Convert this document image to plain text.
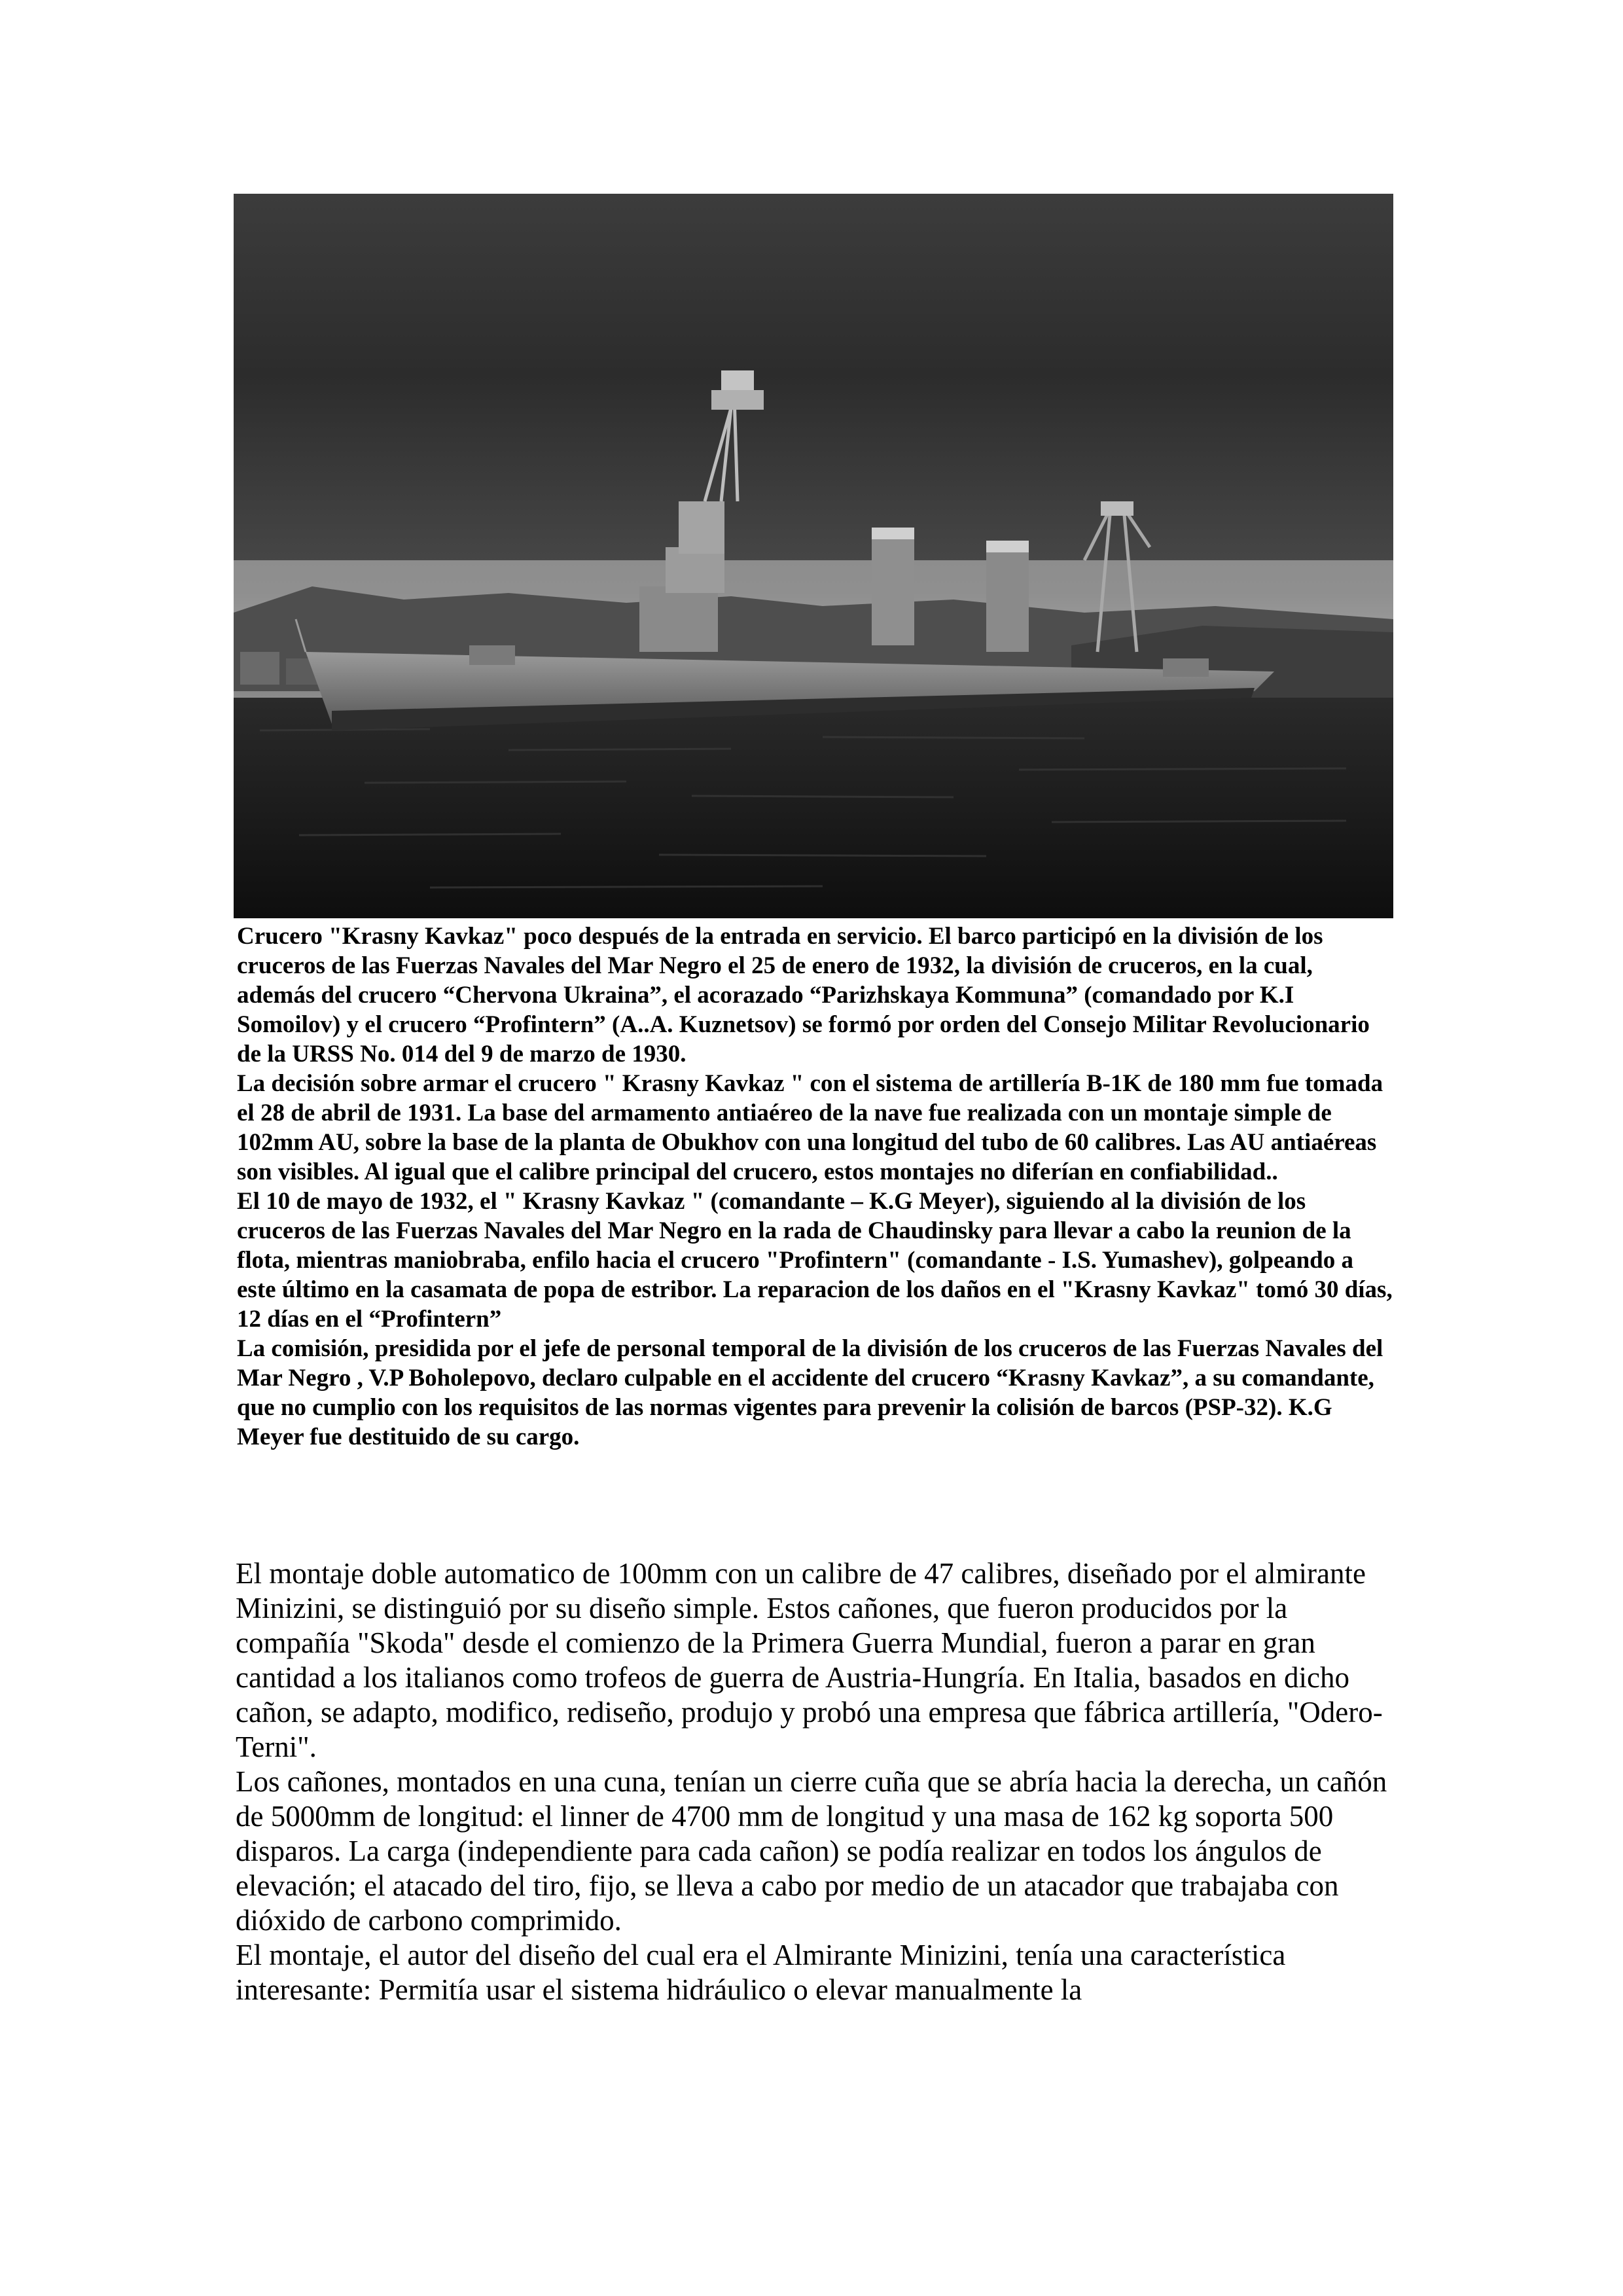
Crucero "Krasny Kavkaz" poco después de la entrada en servicio. El barco participó en la división de los cruceros de las Fuerzas Navales del Mar Negro el 25 de enero de 1932, la división de cruceros, en la cual, además del crucero “Chervona Ukraina”, el acorazado “Parizhskaya Kommuna” (comandado por K.I Somoilov) y el crucero “Profintern” (A..A. Kuznetsov) se formó por orden del Consejo Militar Revolucionario de la URSS No. 014 del 9 de marzo de 1930.

La decisión sobre armar el crucero " Krasny Kavkaz " con el sistema de artillería B-1K de 180 mm fue tomada el 28 de abril de 1931. La base del armamento antiaéreo de la nave fue realizada con un montaje simple de 102mm AU, sobre la base de la planta de Obukhov con una longitud del tubo de 60 calibres. Las AU antiaéreas son visibles. Al igual que el calibre principal del crucero, estos montajes no diferían en confiabilidad..

El 10 de mayo de 1932, el " Krasny Kavkaz " (comandante – K.G Meyer), siguiendo al la división de los cruceros de las Fuerzas Navales del Mar Negro en la rada de Chaudinsky para llevar a cabo la reunion de la flota, mientras maniobraba, enfilo hacia el crucero "Profintern" (comandante - I.S. Yumashev), golpeando a este último en la casamata de popa de estribor. La reparacion de los daños en el "Krasny Kavkaz" tomó 30 días, 12 días en el “Profintern”

La comisión, presidida por el jefe de personal temporal de la división de los cruceros de las Fuerzas Navales del Mar Negro , V.P Boholepovo, declaro culpable en el accidente del crucero “Krasny Kavkaz”, a su comandante, que no cumplio con los requisitos de las normas vigentes para prevenir la colisión de barcos (PSP-32). K.G Meyer fue destituido de su cargo.

El montaje doble automatico de 100mm con un calibre de 47 calibres, diseñado por el almirante Minizini, se distinguió por su diseño simple. Estos cañones, que fueron producidos por la compañía "Skoda" desde el comienzo de la Primera Guerra Mundial, fueron a parar en gran cantidad a los italianos como trofeos de guerra de Austria-Hungría. En Italia, basados en dicho cañon, se adapto, modifico, rediseño, produjo y probó una empresa que fábrica artillería, "Odero-Terni".

Los cañones, montados en una cuna, tenían un cierre cuña que se abría hacia la derecha, un cañón de 5000mm de longitud: el linner de 4700 mm de longitud y una masa de 162 kg soporta 500 disparos. La carga (independiente para cada cañon) se podía realizar en todos los ángulos de elevación; el atacado del tiro, fijo, se lleva a cabo por medio de un atacador que trabajaba con dióxido de carbono comprimido.

El montaje, el autor del diseño del cual era el Almirante Minizini, tenía una característica interesante: Permitía usar el sistema hidráulico o elevar manualmente la
